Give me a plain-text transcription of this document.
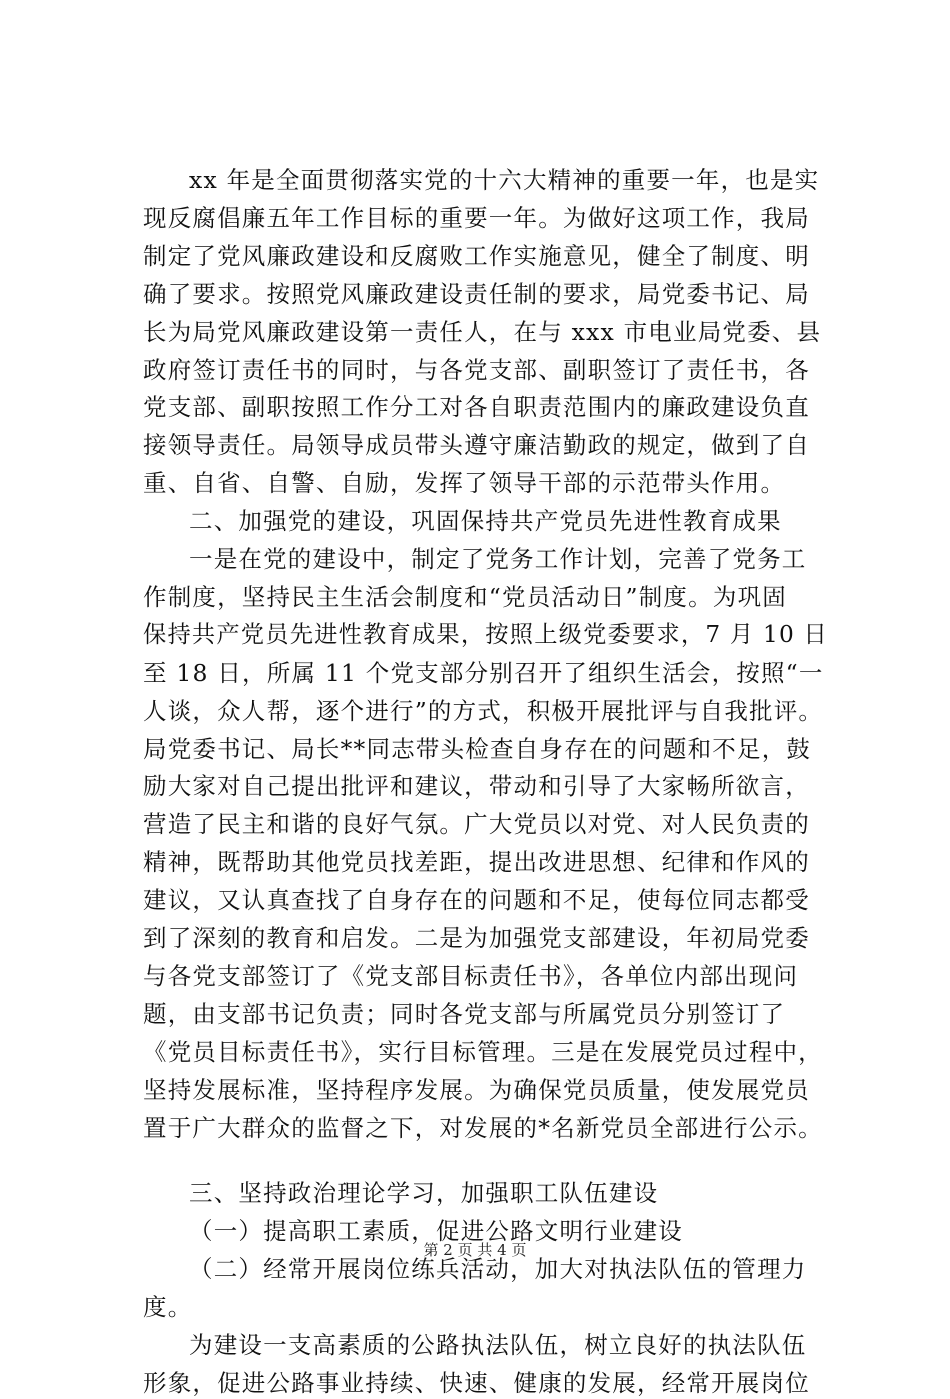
xx 年是全面贯彻落实党的十六大精神的重要一年，也是实
现反腐倡廉五年工作目标的重要一年。为做好这项工作，我局
制定了党风廉政建设和反腐败工作实施意见，健全了制度、明
确了要求。按照党风廉政建设责任制的要求，局党委书记、局
长为局党风廉政建设第一责任人，在与 xxx 市电业局党委、县
政府签订责任书的同时，与各党支部、副职签订了责任书，各
党支部、副职按照工作分工对各自职责范围内的廉政建设负直
接领导责任。局领导成员带头遵守廉洁勤政的规定，做到了自
重、自省、自警、自励，发挥了领导干部的示范带头作用。
二、加强党的建设，巩固保持共产党员先进性教育成果
一是在党的建设中，制定了党务工作计划，完善了党务工
作制度，坚持民主生活会制度和“党员活动日”制度。为巩固
保持共产党员先进性教育成果，按照上级党委要求，7 月 10 日
至 18 日，所属 11 个党支部分别召开了组织生活会，按照“一
人谈，众人帮，逐个进行”的方式，积极开展批评与自我批评。
局党委书记、局长**同志带头检查自身存在的问题和不足，鼓
励大家对自己提出批评和建议，带动和引导了大家畅所欲言，
营造了民主和谐的良好气氛。广大党员以对党、对人民负责的
精神，既帮助其他党员找差距，提出改进思想、纪律和作风的
建议，又认真查找了自身存在的问题和不足，使每位同志都受
到了深刻的教育和启发。二是为加强党支部建设，年初局党委
与各党支部签订了《党支部目标责任书》，各单位内部出现问
题，由支部书记负责；同时各党支部与所属党员分别签订了
《党员目标责任书》，实行目标管理。三是在发展党员过程中，
坚持发展标准，坚持程序发展。为确保党员质量，使发展党员
置于广大群众的监督之下，对发展的*名新党员全部进行公示。
第 2 页 共 4 页
三、坚持政治理论学习，加强职工队伍建设
（一）提高职工素质，促进公路文明行业建设
（二）经常开展岗位练兵活动，加大对执法队伍的管理力
度。
为建设一支高素质的公路执法队伍，树立良好的执法队伍
形象，促进公路事业持续、快速、健康的发展，经常开展岗位
